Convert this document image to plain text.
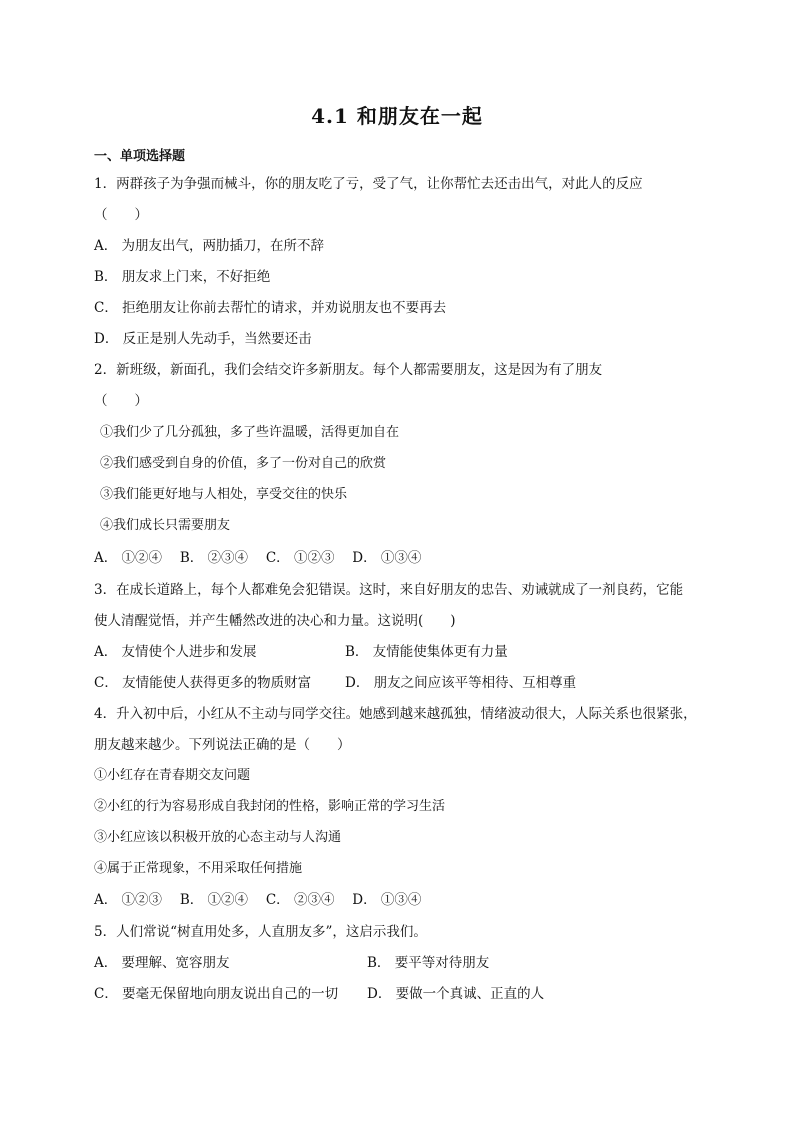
4.1 和朋友在一起
一、单项选择题
1．两群孩子为争强而械斗，你的朋友吃了亏，受了气，让你帮忙去还击出气，对此人的反应
（　　）
A． 为朋友出气，两肋插刀，在所不辞
B． 朋友求上门来，不好拒绝
C． 拒绝朋友让你前去帮忙的请求，并劝说朋友也不要再去
D． 反正是别人先动手，当然要还击
2．新班级，新面孔，我们会结交许多新朋友。每个人都需要朋友，这是因为有了朋友
（　　）
①我们少了几分孤独，多了些许温暖，活得更加自在
②我们感受到自身的价值，多了一份对自己的欣赏
③我们能更好地与人相处，享受交往的快乐
④我们成长只需要朋友
A． ①②④　 B． ②③④　 C． ①②③　 D． ①③④
3．在成长道路上，每个人都难免会犯错误。这时，来自好朋友的忠告、劝诫就成了一剂良药，它能
使人清醒觉悟，并产生幡然改进的决心和力量。这说明(　　)
A． 友情使个人进步和发展	B． 友情能使集体更有力量
C． 友情能使人获得更多的物质财富	D． 朋友之间应该平等相待、互相尊重
4．升入初中后，小红从不主动与同学交往。她感到越来越孤独，情绪波动很大，人际关系也很紧张，
朋友越来越少。下列说法正确的是（　　）
①小红存在青春期交友问题
②小红的行为容易形成自我封闭的性格，影响正常的学习生活
③小红应该以积极开放的心态主动与人沟通
④属于正常现象，不用采取任何措施
A． ①②③　 B． ①②④　 C． ②③④　 D． ①③④
5．人们常说“树直用处多，人直朋友多”，这启示我们。
A． 要理解、宽容朋友	B． 要平等对待朋友
C． 要毫无保留地向朋友说出自己的一切 D． 要做一个真诚、正直的人
